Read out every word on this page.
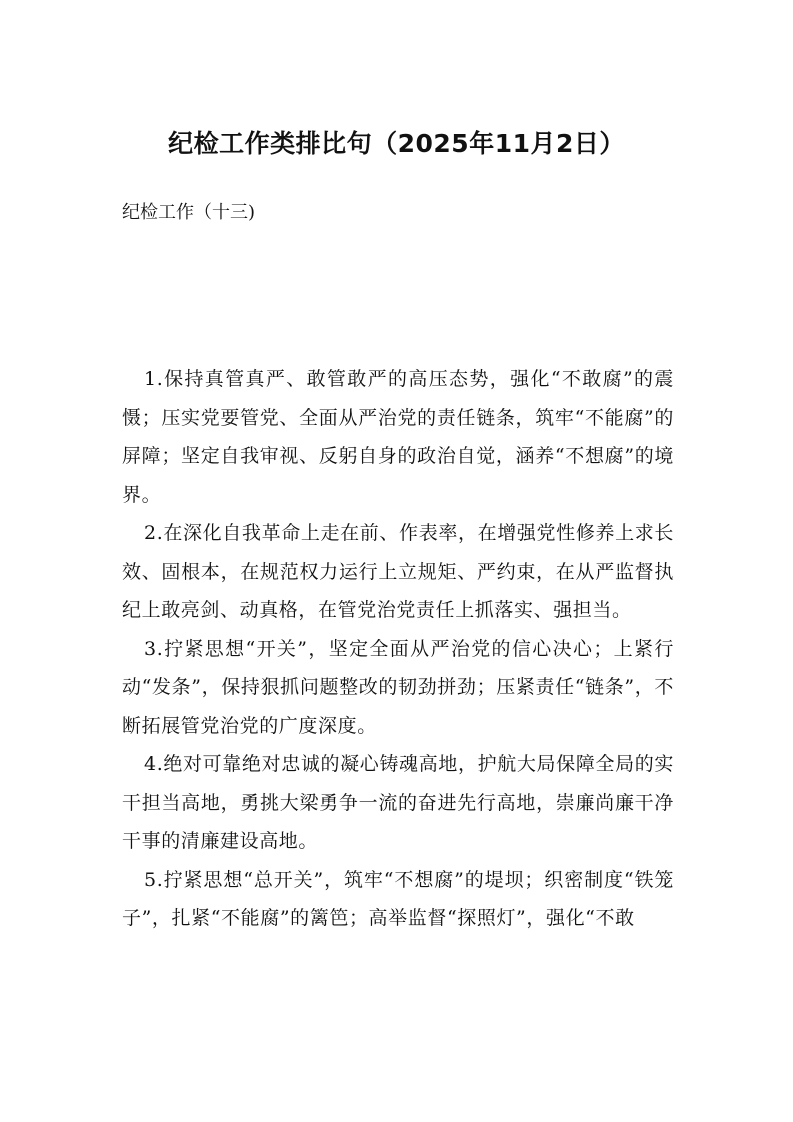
纪检工作类排比句（2025年11月2日）

纪检工作（十三)

1.保持真管真严、敢管敢严的高压态势，强化“不敢腐”的震慑；压实党要管党、全面从严治党的责任链条，筑牢“不能腐”的屏障；坚定自我审视、反躬自身的政治自觉，涵养“不想腐”的境界。

2.在深化自我革命上走在前、作表率，在增强党性修养上求长效、固根本，在规范权力运行上立规矩、严约束，在从严监督执纪上敢亮剑、动真格，在管党治党责任上抓落实、强担当。

3.拧紧思想“开关”，坚定全面从严治党的信心决心；上紧行动“发条”，保持狠抓问题整改的韧劲拼劲；压紧责任“链条”，不断拓展管党治党的广度深度。

4.绝对可靠绝对忠诚的凝心铸魂高地，护航大局保障全局的实干担当高地，勇挑大梁勇争一流的奋进先行高地，崇廉尚廉干净干事的清廉建设高地。

5.拧紧思想“总开关”，筑牢“不想腐”的堤坝；织密制度“铁笼子”，扎紧“不能腐”的篱笆；高举监督“探照灯”，强化“不敢
